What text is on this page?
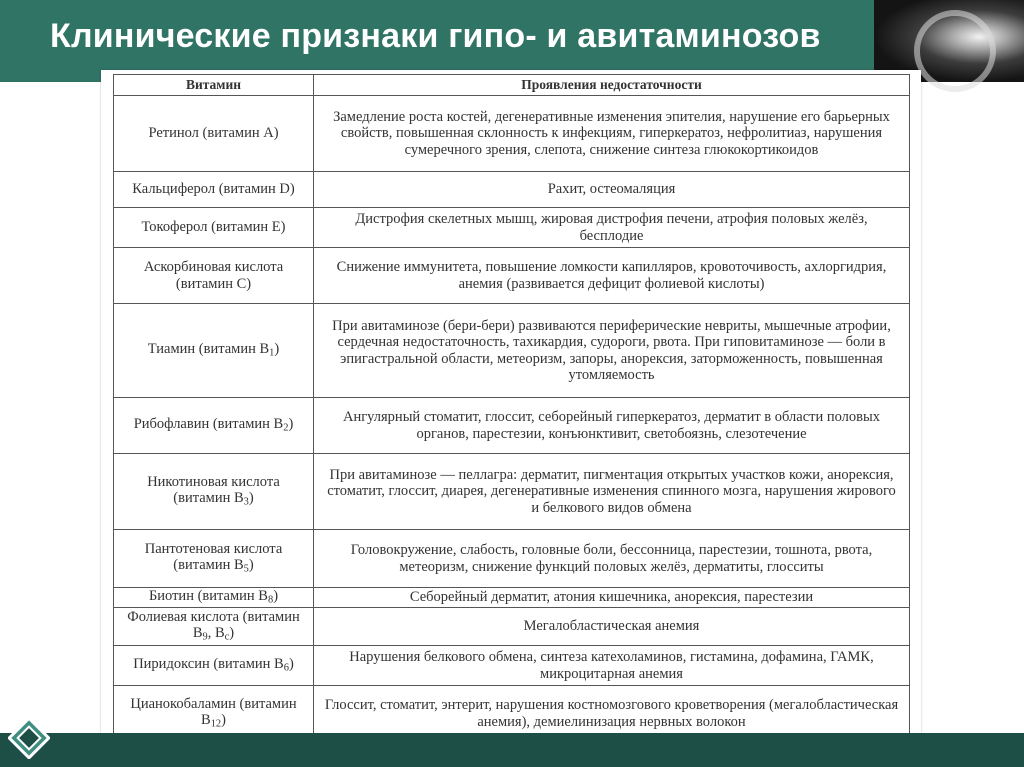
Клинические признаки гипо- и авитаминозов
Витамин	Проявления недостаточности
Ретинол (витамин А)	Замедление роста костей, дегенеративные изменения эпителия, нарушение его барьерных свойств, повышенная склонность к инфекциям, гиперкератоз, нефролитиаз, нарушения сумеречного зрения, слепота, снижение синтеза глюкокортикоидов
Кальциферол (витамин D)	Рахит, остеомаляция
Токоферол (витамин Е)	Дистрофия скелетных мышц, жировая дистрофия печени, атрофия половых желёз, бесплодие
Аскорбиновая кислота (витамин С)	Снижение иммунитета, повышение ломкости капилляров, кровоточивость, ахлоргидрия, анемия (развивается дефицит фолиевой кислоты)
Тиамин (витамин $В_1$)	При авитаминозе (бери-бери) развиваются периферические невриты, мышечные атрофии, сердечная недостаточность, тахикардия, судороги, рвота. При гиповитаминозе — боли в эпигастральной области, метеоризм, запоры, анорексия, заторможенность, повышенная утомляемость
Рибофлавин (витамин $В_2$)	Ангулярный стоматит, глоссит, себорейный гиперкератоз, дерматит в области половых органов, парестезии, конъюнктивит, светобоязнь, слезотечение
Никотиновая кислота (витамин $В_3$)	При авитаминозе — пеллагра: дерматит, пигментация открытых участков кожи, анорексия, стоматит, глоссит, диарея, дегенеративные изменения спинного мозга, нарушения жирового и белкового видов обмена
Пантотеновая кислота (витамин $В_5$)	Головокружение, слабость, головные боли, бессонница, парестезии, тошнота, рвота, метеоризм, снижение функций половых желёз, дерматиты, глосситы
Биотин (витамин $В_8$)	Себорейный дерматит, атония кишечника, анорексия, парестезии
Фолиевая кислота (витамин $В_9$, $В_с$)	Мегалобластическая анемия
Пиридоксин (витамин $В_6$)	Нарушения белкового обмена, синтеза катехоламинов, гистамина, дофамина, ГАМК, микроцитарная анемия
Цианокобаламин (витамин $В_{12}$)	Глоссит, стоматит, энтерит, нарушения костномозгового кроветворения (мегалобластическая анемия), демиелинизация нервных волокон
